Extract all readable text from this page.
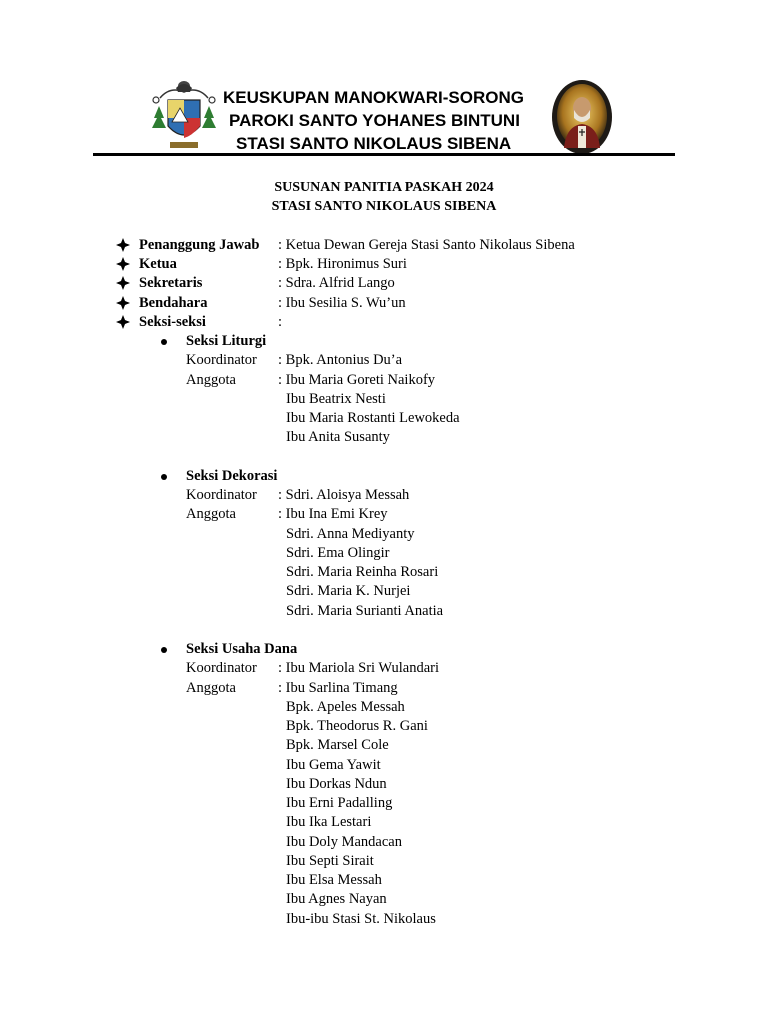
KEUSKUPAN MANOKWARI-SORONG
PAROKI SANTO YOHANES BINTUNI
STASI SANTO NIKOLAUS SIBENA
SUSUNAN PANITIA PASKAH 2024
STASI SANTO NIKOLAUS SIBENA
Penanggung Jawab : Ketua Dewan Gereja Stasi Santo Nikolaus Sibena
Ketua	: Bpk. Hironimus Suri
Sekretaris	: Sdra. Alfrid Lango
Bendahara	: Ibu Sesilia S. Wu’un
Seksi-seksi	:
Seksi Liturgi
Koordinator : Bpk. Antonius Du’a
Anggota	: Ibu Maria Goreti Naikofy
Ibu Beatrix Nesti
Ibu Maria Rostanti Lewokeda
Ibu Anita Susanty
Seksi Dekorasi
Koordinator : Sdri. Aloisya Messah
Anggota	: Ibu Ina Emi Krey
Sdri. Anna Mediyanty
Sdri. Ema Olingir
Sdri. Maria Reinha Rosari
Sdri. Maria K. Nurjei
Sdri. Maria Surianti Anatia
Seksi Usaha Dana
Koordinator : Ibu Mariola Sri Wulandari
Anggota	: Ibu Sarlina Timang
Bpk. Apeles Messah
Bpk. Theodorus R. Gani
Bpk. Marsel Cole
Ibu Gema Yawit
Ibu Dorkas Ndun
Ibu Erni Padalling
Ibu Ika Lestari
Ibu Doly Mandacan
Ibu Septi Sirait
Ibu Elsa Messah
Ibu Agnes Nayan
Ibu-ibu Stasi St. Nikolaus
